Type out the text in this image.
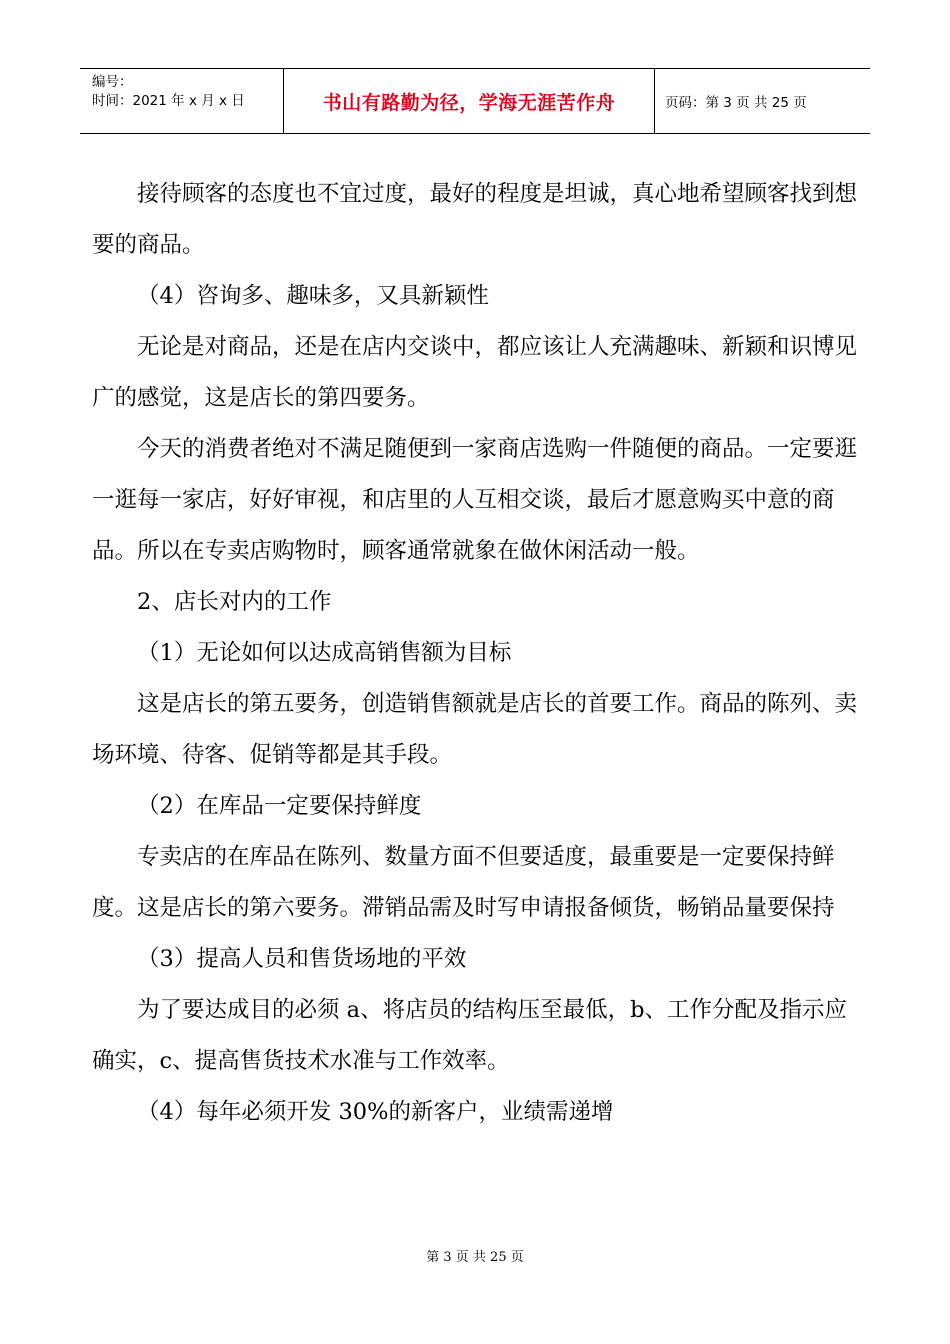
编号：
时间：2021 年 x 月 x 日	书山有路勤为径，学海无涯苦作舟	页码：第 3 页 共 25 页

接待顾客的态度也不宜过度，最好的程度是坦诚，真心地希望顾客找到想要的商品。

（4）咨询多、趣味多，又具新颖性

无论是对商品，还是在店内交谈中，都应该让人充满趣味、新颖和识博见广的感觉，这是店长的第四要务。

今天的消费者绝对不满足随便到一家商店选购一件随便的商品。一定要逛一逛每一家店，好好审视，和店里的人互相交谈，最后才愿意购买中意的商品。所以在专卖店购物时，顾客通常就象在做休闲活动一般。

2、店长对内的工作

（1）无论如何以达成高销售额为目标

这是店长的第五要务，创造销售额就是店长的首要工作。商品的陈列、卖场环境、待客、促销等都是其手段。

（2）在库品一定要保持鲜度

专卖店的在库品在陈列、数量方面不但要适度，最重要是一定要保持鲜度。这是店长的第六要务。滞销品需及时写申请报备倾货，畅销品量要保持

（3）提高人员和售货场地的平效

为了要达成目的必须 a、将店员的结构压至最低，b、工作分配及指示应确实，c、提高售货技术水准与工作效率。

（4）每年必须开发 30%的新客户，业绩需递增

第 3 页 共 25 页
